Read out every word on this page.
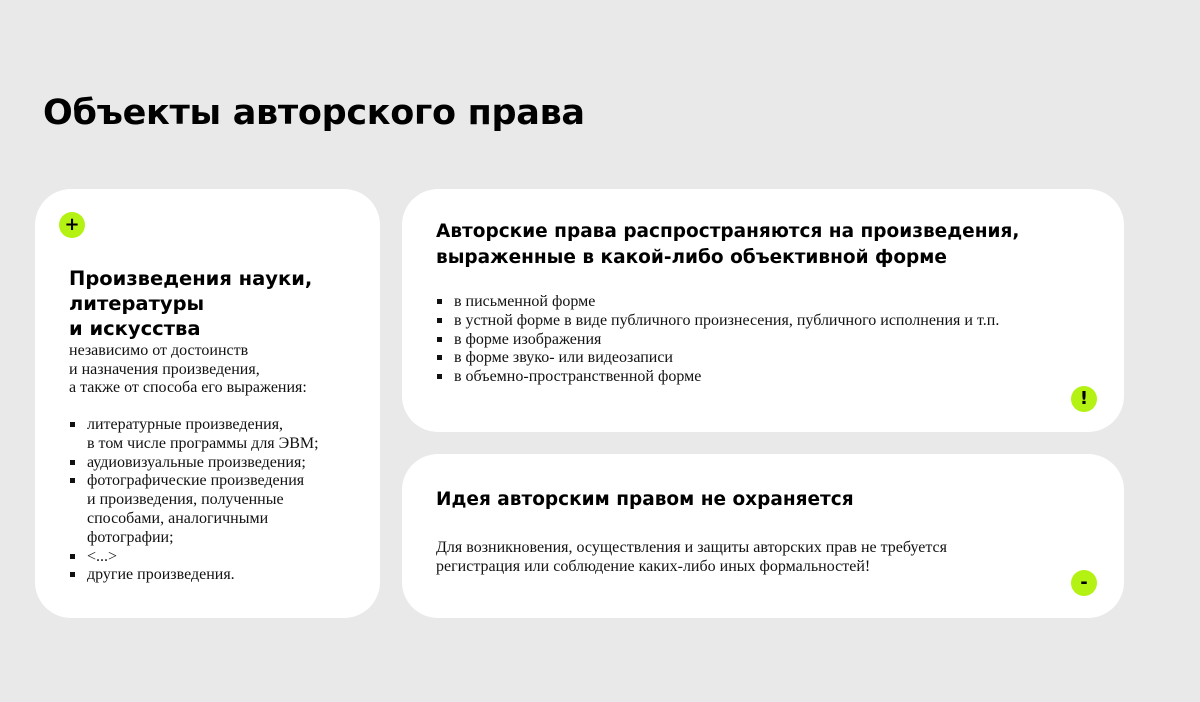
Объекты авторского права
+
Произведения науки,
литературы
и искусства

независимо от достоинств
и назначения произведения,
а также от способа его выражения:

литературные произведения,
в том числе программы для ЭВМ;
аудиовизуальные произведения;
фотографические произведения
и произведения, полученные
способами, аналогичными
фотографии;
<...>
другие произведения.
Авторские права распространяются на произведения,
выраженные в какой-либо объективной форме
в письменной форме
в устной форме в виде публичного произнесения, публичного исполнения и т.п.
в форме изображения
в форме звуко- или видеозаписи
в объемно-пространственной форме
!
Идея авторским правом не охраняется

Для возникновения, осуществления и защиты авторских прав не требуется
регистрация или соблюдение каких-либо иных формальностей!

-
